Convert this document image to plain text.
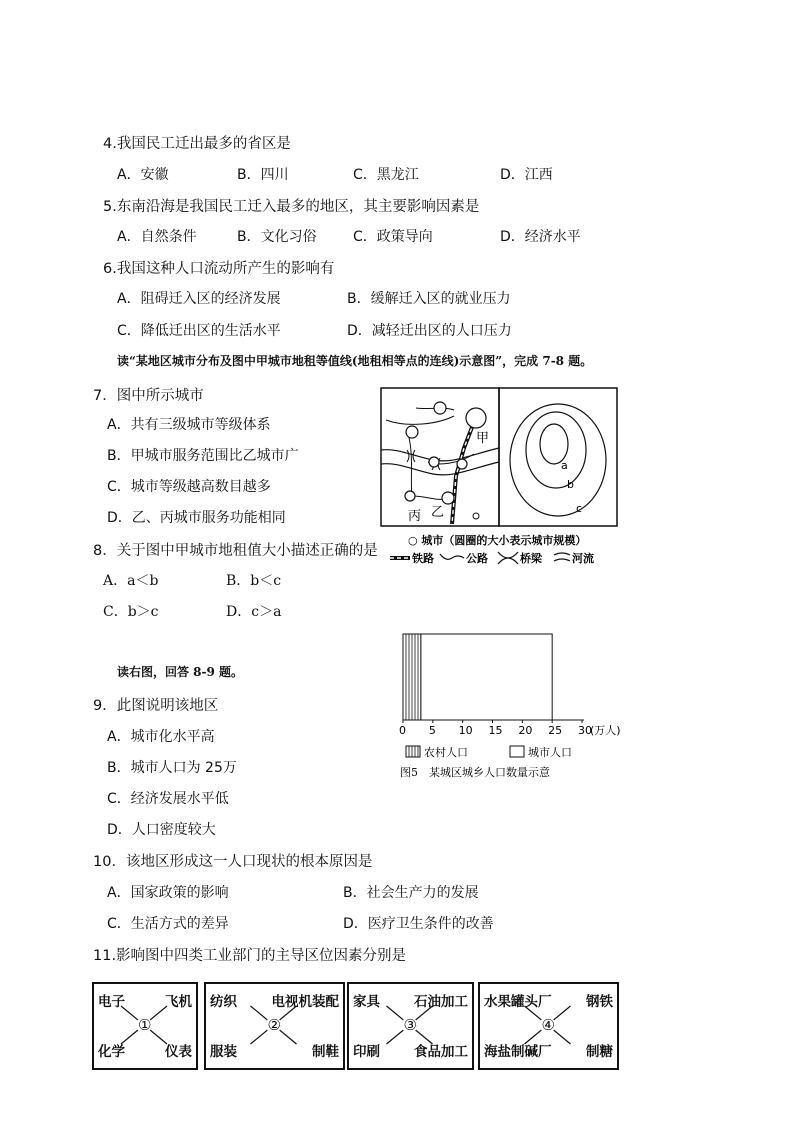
4.我国民工迁出最多的省区是
A．安徽	B．四川	C．黑龙江	D．江西
5.东南沿海是我国民工迁入最多的地区，其主要影响因素是
A．自然条件	B．文化习俗	C．政策导向	D．经济水平
6.我国这种人口流动所产生的影响有
A．阻碍迁入区的经济发展	B．缓解迁入区的就业压力
C．降低迁出区的生活水平	D．减轻迁出区的人口压力
读“某地区城市分布及图中甲城市地租等值线(地租相等点的连线)示意图”，完成 7-8 题。
7．图中所示城市
A．共有三级城市等级体系
B．甲城市服务范围比乙城市广
C．城市等级越高数目越多
D．乙、丙城市服务功能相同
甲
乙
丙
a
b
c
○ 城市（圆圈的大小表示城市规模）
铁路	公路	桥梁	河流
8．关于图中甲城市地租值大小描述正确的是
A．a＜b	B．b＜c
C．b＞c	D．c＞a
读右图，回答 8-9 题。
0 5 10 15 20 25 30
(万人)
农村人口	城市人口
图5　某城区城乡人口数量示意
9．此图说明该地区
A．城市化水平高
B．城市人口为 25万
C．经济发展水平低
D．人口密度较大
10．该地区形成这一人口现状的根本原因是
A．国家政策的影响	B．社会生产力的发展
C．生活方式的差异	D．医疗卫生条件的改善
11.影响图中四类工业部门的主导区位因素分别是
电子	飞机
化学	仪表
①
纺织	电视机装配
服装	制鞋
②
家具	石油加工
印刷	食品加工
③
水果罐头厂	钢铁
海盐制碱厂	制糖
④
